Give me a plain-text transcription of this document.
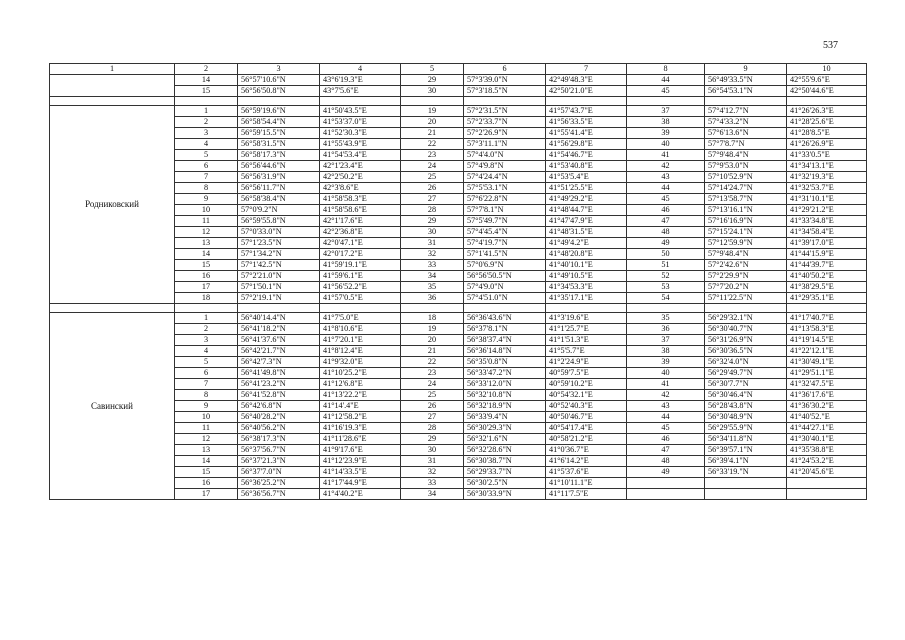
537
1	2	3	4	5	6	7	8	9	10
	14	56°57'10.6"N	43°6'19.3"E	29	57°3'39.0"N	42°49'48.3"E	44	56°49'33.5"N	42°55'9.6"E
	15	56°56'50.8"N	43°7'5.6"E	30	57°3'18.5"N	42°50'21.0"E	45	56°54'53.1"N	42°50'44.6"E

Родниковский	1	56°59'19.6"N	41°50'43.5"E	19	57°2'31.5"N	41°57'43.7"E	37	57°4'12.7"N	41°26'26.3"E
	2	56°58'54.4"N	41°53'37.0"E	20	57°2'33.7"N	41°56'33.5"E	38	57°4'33.2"N	41°28'25.6"E
	3	56°59'15.5"N	41°52'30.3"E	21	57°2'26.9"N	41°55'41.4"E	39	57°6'13.6"N	41°28'8.5"E
	4	56°58'31.5"N	41°55'43.9"E	22	57°3'11.1"N	41°56'29.8"E	40	57°7'8.7"N	41°26'26.9"E
	5	56°58'17.3"N	41°54'53.4"E	23	57°4'4.0"N	41°54'46.7"E	41	57°9'48.4"N	41°33'0.5"E
	6	56°56'44.6"N	42°1'23.4"E	24	57°4'9.8"N	41°53'40.8"E	42	57°9'53.0"N	41°34'13.1"E
	7	56°56'31.9"N	42°2'50.2"E	25	57°4'24.4"N	41°53'5.4"E	43	57°10'52.9"N	41°32'19.3"E
	8	56°56'11.7"N	42°3'8.6"E	26	57°5'53.1"N	41°51'25.5"E	44	57°14'24.7"N	41°32'53.7"E
	9	56°58'38.4"N	41°58'58.3"E	27	57°6'22.8"N	41°49'29.2"E	45	57°13'58.7"N	41°31'10.1"E
	10	57°0'9.2"N	41°58'58.6"E	28	57°7'8.1"N	41°48'44.7"E	46	57°13'16.1"N	41°29'21.2"E
	11	56°59'55.8"N	42°1'17.6"E	29	57°5'49.7"N	41°47'47.9"E	47	57°16'16.9"N	41°33'34.8"E
	12	57°0'33.0"N	42°2'36.8"E	30	57°4'45.4"N	41°48'31.5"E	48	57°15'24.1"N	41°34'58.4"E
	13	57°1'23.5"N	42°0'47.1"E	31	57°4'19.7"N	41°49'4.2"E	49	57°12'59.9"N	41°39'17.0"E
	14	57°1'34.2"N	42°0'17.2"E	32	57°1'41.5"N	41°48'20.8"E	50	57°9'48.4"N	41°44'15.9"E
	15	57°1'42.5"N	41°59'19.1"E	33	57°0'6.9"N	41°40'10.1"E	51	57°2'42.6"N	41°44'39.7"E
	16	57°2'21.0"N	41°59'6.1"E	34	56°56'50.5"N	41°49'10.5"E	52	57°2'29.9"N	41°40'50.2"E
	17	57°1'50.1"N	41°56'52.2"E	35	57°4'9.0"N	41°34'53.3"E	53	57°7'20.2"N	41°38'29.5"E
	18	57°2'19.1"N	41°57'0.5"E	36	57°4'51.0"N	41°35'17.1"E	54	57°11'22.5"N	41°29'35.1"E

Савинский	1	56°40'14.4"N	41°7'5.0"E	18	56°36'43.6"N	41°3'19.6"E	35	56°29'32.1"N	41°17'40.7"E
	2	56°41'18.2"N	41°8'10.6"E	19	56°37'8.1"N	41°1'25.7"E	36	56°30'40.7"N	41°13'58.3"E
	3	56°41'37.6"N	41°7'20.1"E	20	56°38'37.4"N	41°1'51.3"E	37	56°31'26.9"N	41°19'14.5"E
	4	56°42'21.7"N	41°8'12.4"E	21	56°36'14.8"N	41°5'5.7"E	38	56°30'36.5"N	41°22'12.1"E
	5	56°42'7.3"N	41°9'32.0"E	22	56°35'0.8"N	41°2'24.9"E	39	56°32'4.0"N	41°30'49.1"E
	6	56°41'49.8"N	41°10'25.2"E	23	56°33'47.2"N	40°59'7.5"E	40	56°29'49.7"N	41°29'51.1"E
	7	56°41'23.2"N	41°12'6.8"E	24	56°33'12.0"N	40°59'10.2"E	41	56°30'7.7"N	41°32'47.5"E
	8	56°41'52.8"N	41°13'22.2"E	25	56°32'10.8"N	40°54'32.1"E	42	56°30'46.4"N	41°36'17.6"E
	9	56°42'6.8"N	41°14'.4"E	26	56°32'18.9"N	40°52'40.3"E	43	56°28'43.8"N	41°36'30.2"E
	10	56°40'28.2"N	41°12'58.2"E	27	56°33'9.4"N	40°50'46.7"E	44	56°30'48.9"N	41°40'52."E
	11	56°40'56.2"N	41°16'19.3"E	28	56°30'29.3"N	40°54'17.4"E	45	56°29'55.9"N	41°44'27.1"E
	12	56°38'17.3"N	41°11'28.6"E	29	56°32'1.6"N	40°58'21.2"E	46	56°34'11.8"N	41°30'40.1"E
	13	56°37'56.7"N	41°9'17.6"E	30	56°32'28.6"N	41°0'36.7"E	47	56°39'57.1"N	41°35'38.8"E
	14	56°37'21.3"N	41°12'23.9"E	31	56°30'38.7"N	41°6'14.2"E	48	56°39'4.1"N	41°24'53.2"E
	15	56°37'7.0"N	41°14'33.5"E	32	56°29'33.7"N	41°5'37.6"E	49	56°33'19."N	41°20'45.6"E
	16	56°36'25.2"N	41°17'44.9"E	33	56°30'2.5"N	41°10'11.1"E			
	17	56°36'56.7"N	41°4'40.2"E	34	56°30'33.9"N	41°11'7.5"E			
